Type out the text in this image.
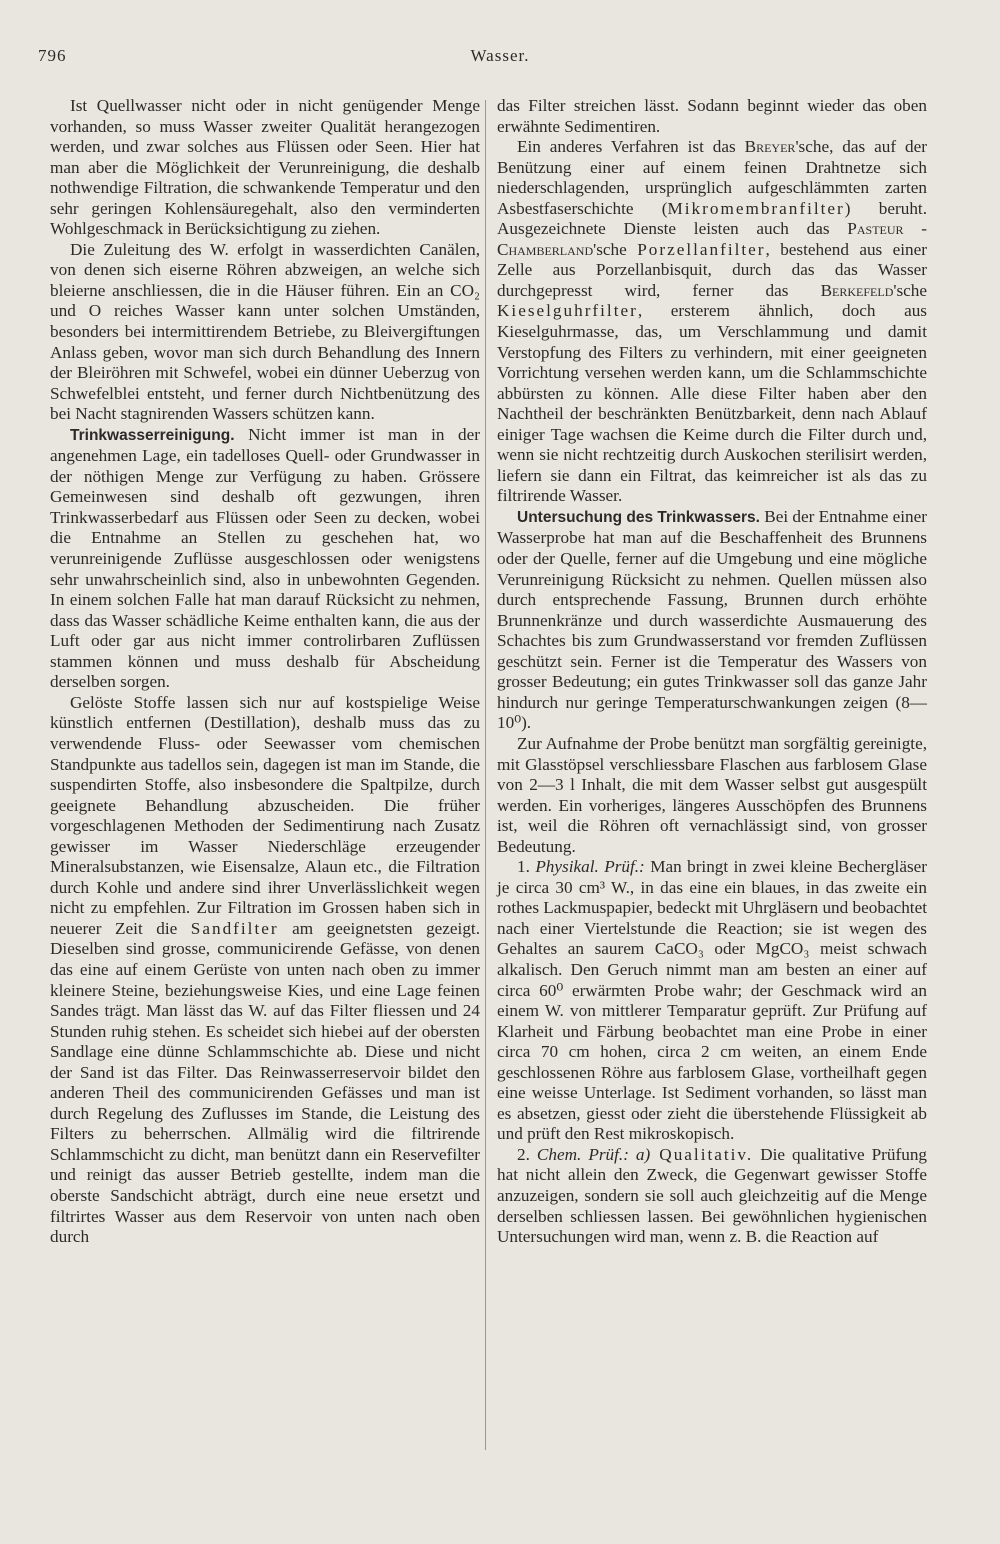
796	Wasser.

Ist Quellwasser nicht oder in nicht genügender Menge vorhanden, so muss Wasser zweiter Qualität herangezogen werden, und zwar solches aus Flüssen oder Seen. Hier hat man aber die Möglichkeit der Verunreinigung, die deshalb nothwendige Filtration, die schwankende Temperatur und den sehr geringen Kohlensäuregehalt, also den verminderten Wohlgeschmack in Berücksichtigung zu ziehen.

Die Zuleitung des W. erfolgt in wasserdichten Canälen, von denen sich eiserne Röhren abzweigen, an welche sich bleierne anschliessen, die in die Häuser führen. Ein an CO₂ und O reiches Wasser kann unter solchen Umständen, besonders bei intermittirendem Betriebe, zu Bleivergiftungen Anlass geben, wovor man sich durch Behandlung des Innern der Bleiröhren mit Schwefel, wobei ein dünner Ueberzug von Schwefelblei entsteht, und ferner durch Nichtbenützung des bei Nacht stagnirenden Wassers schützen kann.

Trinkwasserreinigung. Nicht immer ist man in der angenehmen Lage, ein tadelloses Quell- oder Grundwasser in der nöthigen Menge zur Verfügung zu haben. Grössere Gemeinwesen sind deshalb oft gezwungen, ihren Trinkwasserbedarf aus Flüssen oder Seen zu decken, wobei die Entnahme an Stellen zu geschehen hat, wo verunreinigende Zuflüsse ausgeschlossen oder wenigstens sehr unwahrscheinlich sind, also in unbewohnten Gegenden. In einem solchen Falle hat man darauf Rücksicht zu nehmen, dass das Wasser schädliche Keime enthalten kann, die aus der Luft oder gar aus nicht immer controlirbaren Zuflüssen stammen können und muss deshalb für Abscheidung derselben sorgen.

Gelöste Stoffe lassen sich nur auf kostspielige Weise künstlich entfernen (Destillation), deshalb muss das zu verwendende Fluss- oder Seewasser vom chemischen Standpunkte aus tadellos sein, dagegen ist man im Stande, die suspendirten Stoffe, also insbesondere die Spaltpilze, durch geeignete Behandlung abzuscheiden. Die früher vorgeschlagenen Methoden der Sedimentirung nach Zusatz gewisser im Wasser Niederschläge erzeugender Mineralsubstanzen, wie Eisensalze, Alaun etc., die Filtration durch Kohle und andere sind ihrer Unverlässlichkeit wegen nicht zu empfehlen. Zur Filtration im Grossen haben sich in neuerer Zeit die Sandfilter am geeignetsten gezeigt. Dieselben sind grosse, communicirende Gefässe, von denen das eine auf einem Gerüste von unten nach oben zu immer kleinere Steine, beziehungsweise Kies, und eine Lage feinen Sandes trägt. Man lässt das W. auf das Filter fliessen und 24 Stunden ruhig stehen. Es scheidet sich hiebei auf der obersten Sandlage eine dünne Schlammschichte ab. Diese und nicht der Sand ist das Filter. Das Reinwasserreservoir bildet den anderen Theil des communicirenden Gefässes und man ist durch Regelung des Zuflusses im Stande, die Leistung des Filters zu beherrschen. Allmälig wird die filtrirende Schlammschicht zu dicht, man benützt dann ein Reservefilter und reinigt das ausser Betrieb gestellte, indem man die oberste Sandschicht abträgt, durch eine neue ersetzt und filtrirtes Wasser aus dem Reservoir von unten nach oben durch

das Filter streichen lässt. Sodann beginnt wieder das oben erwähnte Sedimentiren.

Ein anderes Verfahren ist das Breyer'sche, das auf der Benützung einer auf einem feinen Drahtnetze sich niederschlagenden, ursprünglich aufgeschlämmten zarten Asbestfaserschichte (Mikromembranfilter) beruht. Ausgezeichnete Dienste leisten auch das Pasteur - Chamberland'sche Porzellanfilter, bestehend aus einer Zelle aus Porzellanbisquit, durch das das Wasser durchgepresst wird, ferner das Berkefeld'sche Kieselguhrfilter, ersterem ähnlich, doch aus Kieselguhrmasse, das, um Verschlammung und damit Verstopfung des Filters zu verhindern, mit einer geeigneten Vorrichtung versehen werden kann, um die Schlammschichte abbürsten zu können. Alle diese Filter haben aber den Nachtheil der beschränkten Benützbarkeit, denn nach Ablauf einiger Tage wachsen die Keime durch die Filter durch und, wenn sie nicht rechtzeitig durch Auskochen sterilisirt werden, liefern sie dann ein Filtrat, das keimreicher ist als das zu filtrirende Wasser.

Untersuchung des Trinkwassers. Bei der Entnahme einer Wasserprobe hat man auf die Beschaffenheit des Brunnens oder der Quelle, ferner auf die Umgebung und eine mögliche Verunreinigung Rücksicht zu nehmen. Quellen müssen also durch entsprechende Fassung, Brunnen durch erhöhte Brunnenkränze und durch wasserdichte Ausmauerung des Schachtes bis zum Grundwasserstand vor fremden Zuflüssen geschützt sein. Ferner ist die Temperatur des Wassers von grosser Bedeutung; ein gutes Trinkwasser soll das ganze Jahr hindurch nur geringe Temperaturschwankungen zeigen (8—10⁰).

Zur Aufnahme der Probe benützt man sorgfältig gereinigte, mit Glasstöpsel verschliessbare Flaschen aus farblosem Glase von 2—3 l Inhalt, die mit dem Wasser selbst gut ausgespült werden. Ein vorheriges, längeres Ausschöpfen des Brunnens ist, weil die Röhren oft vernachlässigt sind, von grosser Bedeutung.

1. Physikal. Prüf.: Man bringt in zwei kleine Bechergläser je circa 30 cm³ W., in das eine ein blaues, in das zweite ein rothes Lackmuspapier, bedeckt mit Uhrgläsern und beobachtet nach einer Viertelstunde die Reaction; sie ist wegen des Gehaltes an saurem CaCO₃ oder MgCO₃ meist schwach alkalisch. Den Geruch nimmt man am besten an einer auf circa 60⁰ erwärmten Probe wahr; der Geschmack wird an einem W. von mittlerer Temparatur geprüft. Zur Prüfung auf Klarheit und Färbung beobachtet man eine Probe in einer circa 70 cm hohen, circa 2 cm weiten, an einem Ende geschlossenen Röhre aus farblosem Glase, vortheilhaft gegen eine weisse Unterlage. Ist Sediment vorhanden, so lässt man es absetzen, giesst oder zieht die überstehende Flüssigkeit ab und prüft den Rest mikroskopisch.

2. Chem. Prüf.: a) Qualitativ. Die qualitative Prüfung hat nicht allein den Zweck, die Gegenwart gewisser Stoffe anzuzeigen, sondern sie soll auch gleichzeitig auf die Menge derselben schliessen lassen. Bei gewöhnlichen hygienischen Untersuchungen wird man, wenn z. B. die Reaction auf
